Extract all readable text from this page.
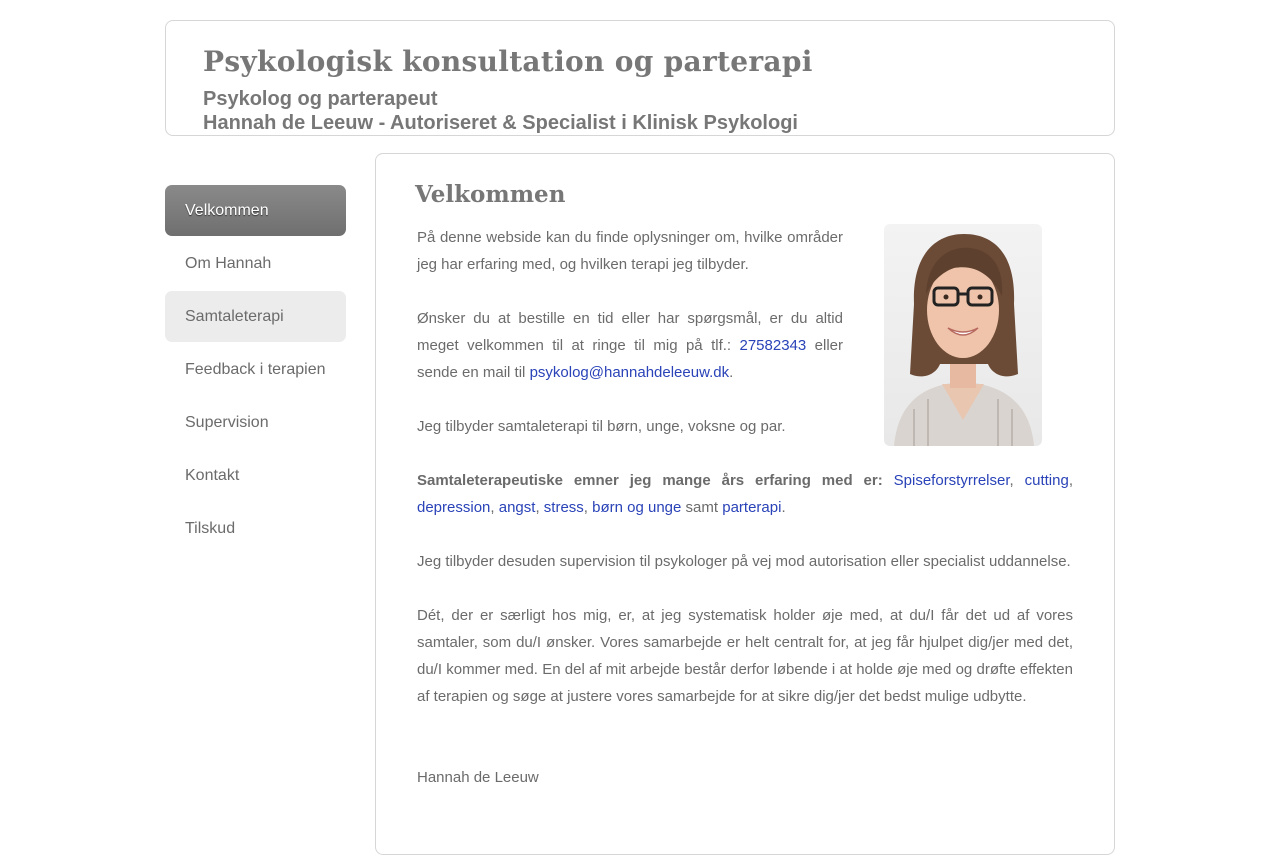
Psykologisk konsultation og parterapi

Psykolog og parterapeut

Hannah de Leeuw - Autoriseret & Specialist i Klinisk Psykologi

Velkommen
Om Hannah
Samtaleterapi
Feedback i terapien
Supervision
Kontakt
Tilskud
Velkommen

På denne webside kan du finde oplysninger om, hvilke områder jeg har erfaring med, og hvilken terapi jeg tilbyder.

Ønsker du at bestille en tid eller har spørgsmål, er du altid meget velkommen til at ringe til mig på tlf.: 27582343 eller sende en mail til psykolog@hannahdeleeuw.dk.

Jeg tilbyder samtaleterapi til børn, unge, voksne og par.

Samtaleterapeutiske emner jeg mange års erfaring med er: Spiseforstyrrelser, cutting, depression, angst, stress, børn og unge samt parterapi.

Jeg tilbyder desuden supervision til psykologer på vej mod autorisation eller specialist uddannelse.

Dét, der er særligt hos mig, er, at jeg systematisk holder øje med, at du/I får det ud af vores samtaler, som du/I ønsker. Vores samarbejde er helt centralt for, at jeg får hjulpet dig/jer med det, du/I kommer med. En del af mit arbejde består derfor løbende i at holde øje med og drøfte effekten af terapien og søge at justere vores samarbejde for at sikre dig/jer det bedst mulige udbytte.

Hannah de Leeuw
